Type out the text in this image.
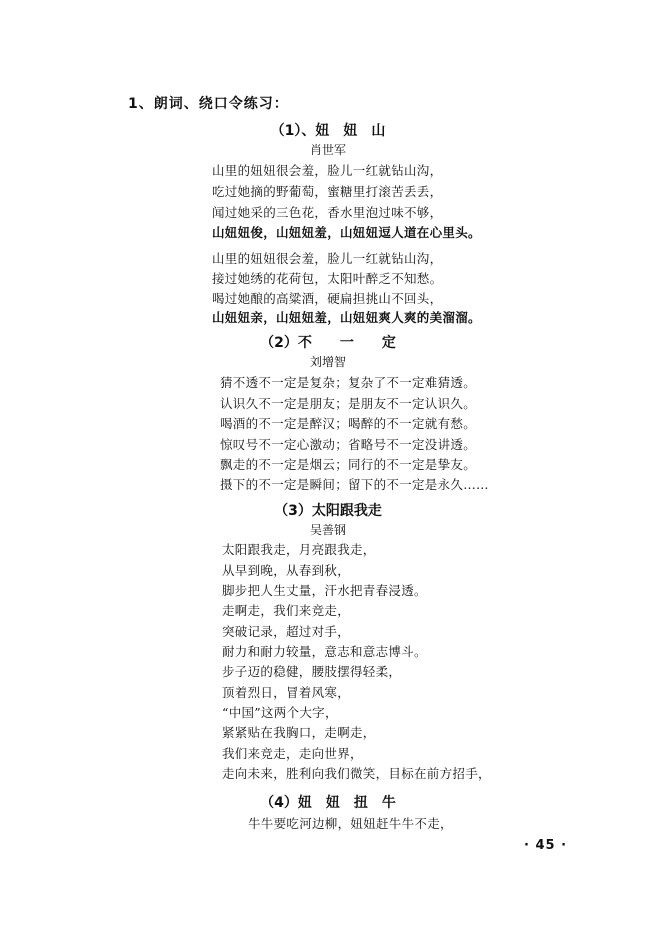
1、朗词、绕口令练习：
（1）、妞　妞　山
肖世军
山里的妞妞很会羞，脸儿一红就钻山沟，
吃过她摘的野葡萄，蜜糖里打滚苦丢丢，
闻过她采的三色花，香水里泡过味不够，
山妞妞俊，山妞妞羞，山妞妞逗人道在心里头。
山里的妞妞很会羞，脸儿一红就钻山沟，
接过她绣的花荷包，太阳叶醉乏不知愁。
喝过她酿的高粱酒，硬扁担挑山不回头，
山妞妞亲，山妞妞羞，山妞妞爽人爽的美溜溜。
（2）不　　一　　定
刘增智
猜不透不一定是复杂；复杂了不一定难猜透。
认识久不一定是朋友；是朋友不一定认识久。
喝酒的不一定是醉汉；喝醉的不一定就有愁。
惊叹号不一定心激动；省略号不一定没讲透。
飘走的不一定是烟云；同行的不一定是挚友。
摄下的不一定是瞬间；留下的不一定是永久……
（3）太阳跟我走
吴善钢
太阳跟我走，月亮跟我走，
从早到晚，从春到秋，
脚步把人生丈量，汗水把青春浸透。
走啊走，我们来竞走，
突破记录，超过对手，
耐力和耐力较量，意志和意志博斗。
步子迈的稳健，腰肢摆得轻柔，
顶着烈日，冒着风寒，
“中国”这两个大字，
紧紧贴在我胸口，走啊走，
我们来竞走，走向世界，
走向未来，胜利向我们微笑，目标在前方招手，
（4）妞　妞　扭　牛
牛牛要吃河边柳，妞妞赶牛牛不走，
· 45 ·
